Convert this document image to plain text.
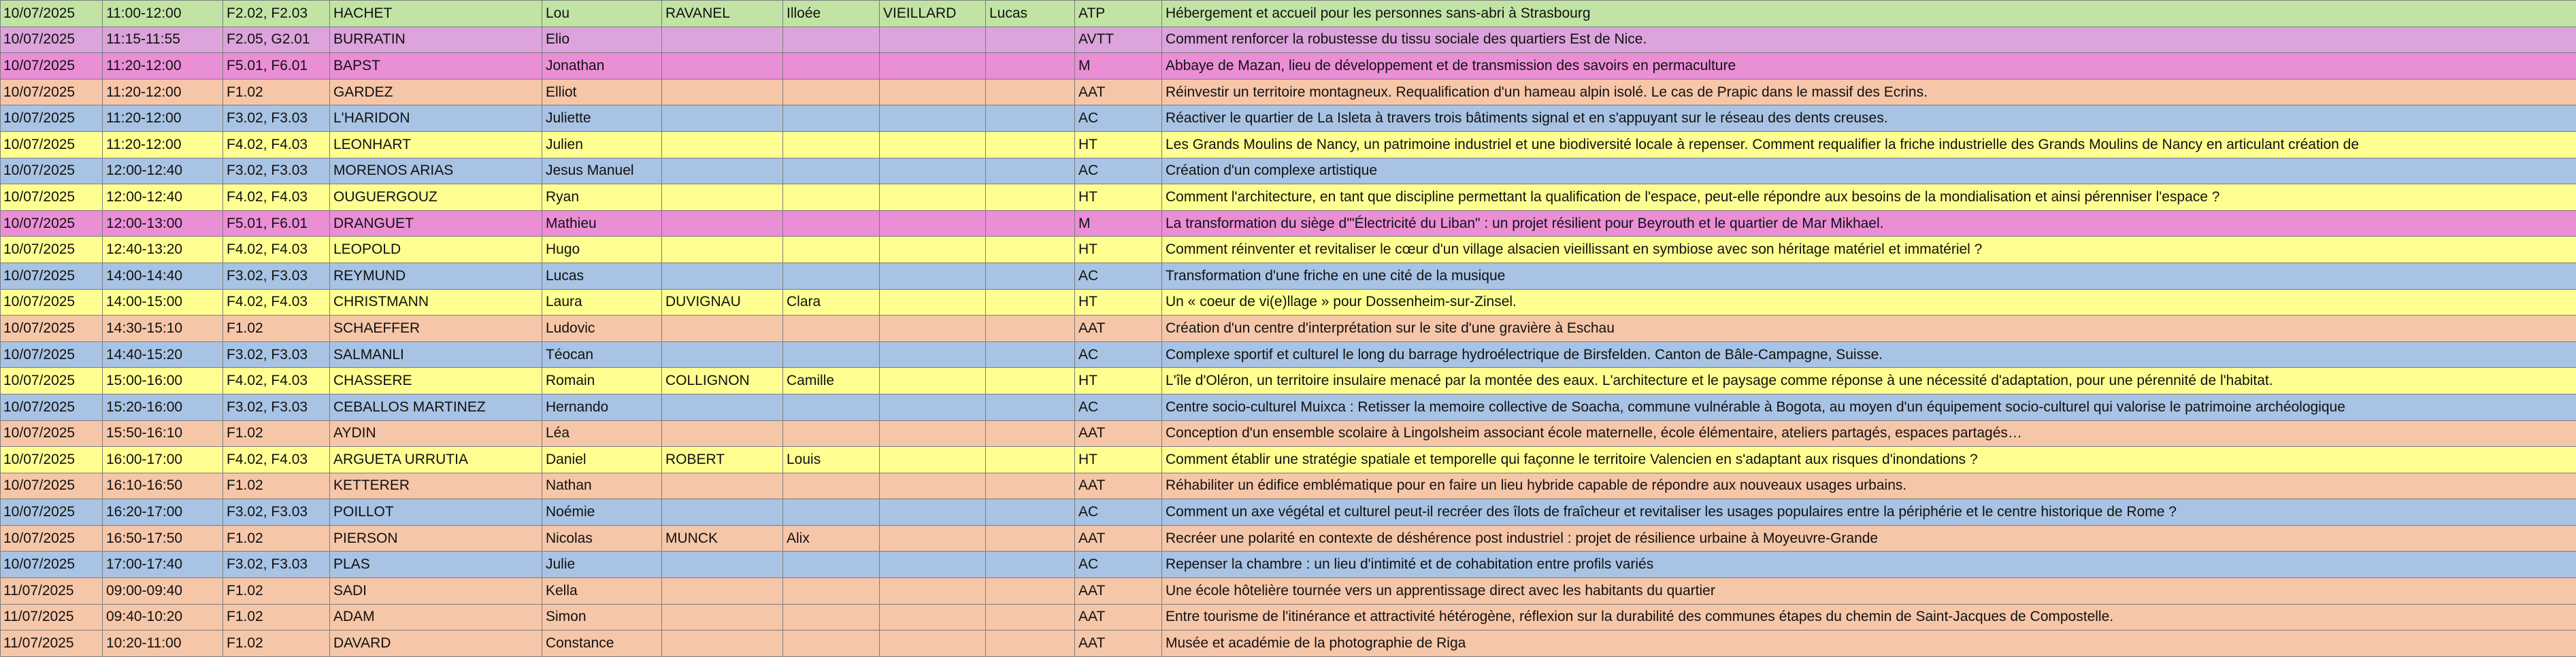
10/07/2025	11:00-12:00	F2.02, F2.03	HACHET	Lou	RAVANEL	Illoée	VIEILLARD	Lucas	ATP	Hébergement et accueil pour les personnes sans-abri à Strasbourg
10/07/2025	11:15-11:55	F2.05, G2.01	BURRATIN	Elio					AVTT	Comment renforcer la robustesse du tissu sociale des quartiers Est de Nice.
10/07/2025	11:20-12:00	F5.01, F6.01	BAPST	Jonathan					M	Abbaye de Mazan, lieu de développement et de transmission des savoirs en permaculture
10/07/2025	11:20-12:00	F1.02	GARDEZ	Elliot					AAT	Réinvestir un territoire montagneux. Requalification d'un hameau alpin isolé. Le cas de Prapic dans le massif des Ecrins.
10/07/2025	11:20-12:00	F3.02, F3.03	L'HARIDON	Juliette					AC	Réactiver le quartier de La Isleta à travers trois bâtiments signal et en s'appuyant sur le réseau des dents creuses.
10/07/2025	11:20-12:00	F4.02, F4.03	LEONHART	Julien					HT	Les Grands Moulins de Nancy, un patrimoine industriel et une biodiversité locale à repenser. Comment requalifier la friche industrielle des Grands Moulins de Nancy en articulant création de
10/07/2025	12:00-12:40	F3.02, F3.03	MORENOS ARIAS	Jesus Manuel					AC	Création d'un complexe artistique
10/07/2025	12:00-12:40	F4.02, F4.03	OUGUERGOUZ	Ryan					HT	Comment l'architecture, en tant que discipline permettant la qualification de l'espace, peut-elle répondre aux besoins de la mondialisation et ainsi pérenniser l'espace ?
10/07/2025	12:00-13:00	F5.01, F6.01	DRANGUET	Mathieu					M	La transformation du siège d'"Électricité du Liban" : un projet résilient pour Beyrouth et le quartier de Mar Mikhael.
10/07/2025	12:40-13:20	F4.02, F4.03	LEOPOLD	Hugo					HT	Comment réinventer et revitaliser le cœur d'un village alsacien vieillissant en symbiose avec son héritage matériel et immatériel ?
10/07/2025	14:00-14:40	F3.02, F3.03	REYMUND	Lucas					AC	Transformation d'une friche en une cité de la musique
10/07/2025	14:00-15:00	F4.02, F4.03	CHRISTMANN	Laura	DUVIGNAU	Clara			HT	Un « coeur de vi(e)llage » pour Dossenheim-sur-Zinsel.
10/07/2025	14:30-15:10	F1.02	SCHAEFFER	Ludovic					AAT	Création d'un centre d'interprétation sur le site d'une gravière à Eschau
10/07/2025	14:40-15:20	F3.02, F3.03	SALMANLI	Téocan					AC	Complexe sportif et culturel le long du barrage hydroélectrique de Birsfelden. Canton de Bâle-Campagne, Suisse.
10/07/2025	15:00-16:00	F4.02, F4.03	CHASSERE	Romain	COLLIGNON	Camille			HT	L'île d'Oléron, un territoire insulaire menacé par la montée des eaux. L'architecture et le paysage comme réponse à une nécessité d'adaptation, pour une pérennité de l'habitat.
10/07/2025	15:20-16:00	F3.02, F3.03	CEBALLOS MARTINEZ	Hernando					AC	Centre socio-culturel Muixca : Retisser la memoire collective de Soacha, commune vulnérable à Bogota, au moyen d'un équipement socio-culturel qui valorise le patrimoine archéologique
10/07/2025	15:50-16:10	F1.02	AYDIN	Léa					AAT	Conception d'un ensemble scolaire à Lingolsheim associant école maternelle, école élémentaire, ateliers partagés, espaces partagés…
10/07/2025	16:00-17:00	F4.02, F4.03	ARGUETA URRUTIA	Daniel	ROBERT	Louis			HT	Comment établir une stratégie spatiale et temporelle qui façonne le territoire Valencien en s'adaptant aux risques d'inondations ?
10/07/2025	16:10-16:50	F1.02	KETTERER	Nathan					AAT	Réhabiliter un édifice emblématique pour en faire un lieu hybride capable de répondre aux nouveaux usages urbains.
10/07/2025	16:20-17:00	F3.02, F3.03	POILLOT	Noémie					AC	Comment un axe végétal et culturel peut-il recréer des îlots de fraîcheur et revitaliser les usages populaires entre la périphérie et le centre historique de Rome ?
10/07/2025	16:50-17:50	F1.02	PIERSON	Nicolas	MUNCK	Alix			AAT	Recréer une polarité en contexte de déshérence post industriel : projet de résilience urbaine à Moyeuvre-Grande
10/07/2025	17:00-17:40	F3.02, F3.03	PLAS	Julie					AC	Repenser la chambre : un lieu d'intimité et de cohabitation entre profils variés
11/07/2025	09:00-09:40	F1.02	SADI	Kella					AAT	Une école hôtelière tournée vers un apprentissage direct avec les habitants du quartier
11/07/2025	09:40-10:20	F1.02	ADAM	Simon					AAT	Entre tourisme de l'itinérance et attractivité hétérogène, réflexion sur la durabilité des communes étapes du chemin de Saint-Jacques de Compostelle.
11/07/2025	10:20-11:00	F1.02	DAVARD	Constance					AAT	Musée et académie de la photographie de Riga
